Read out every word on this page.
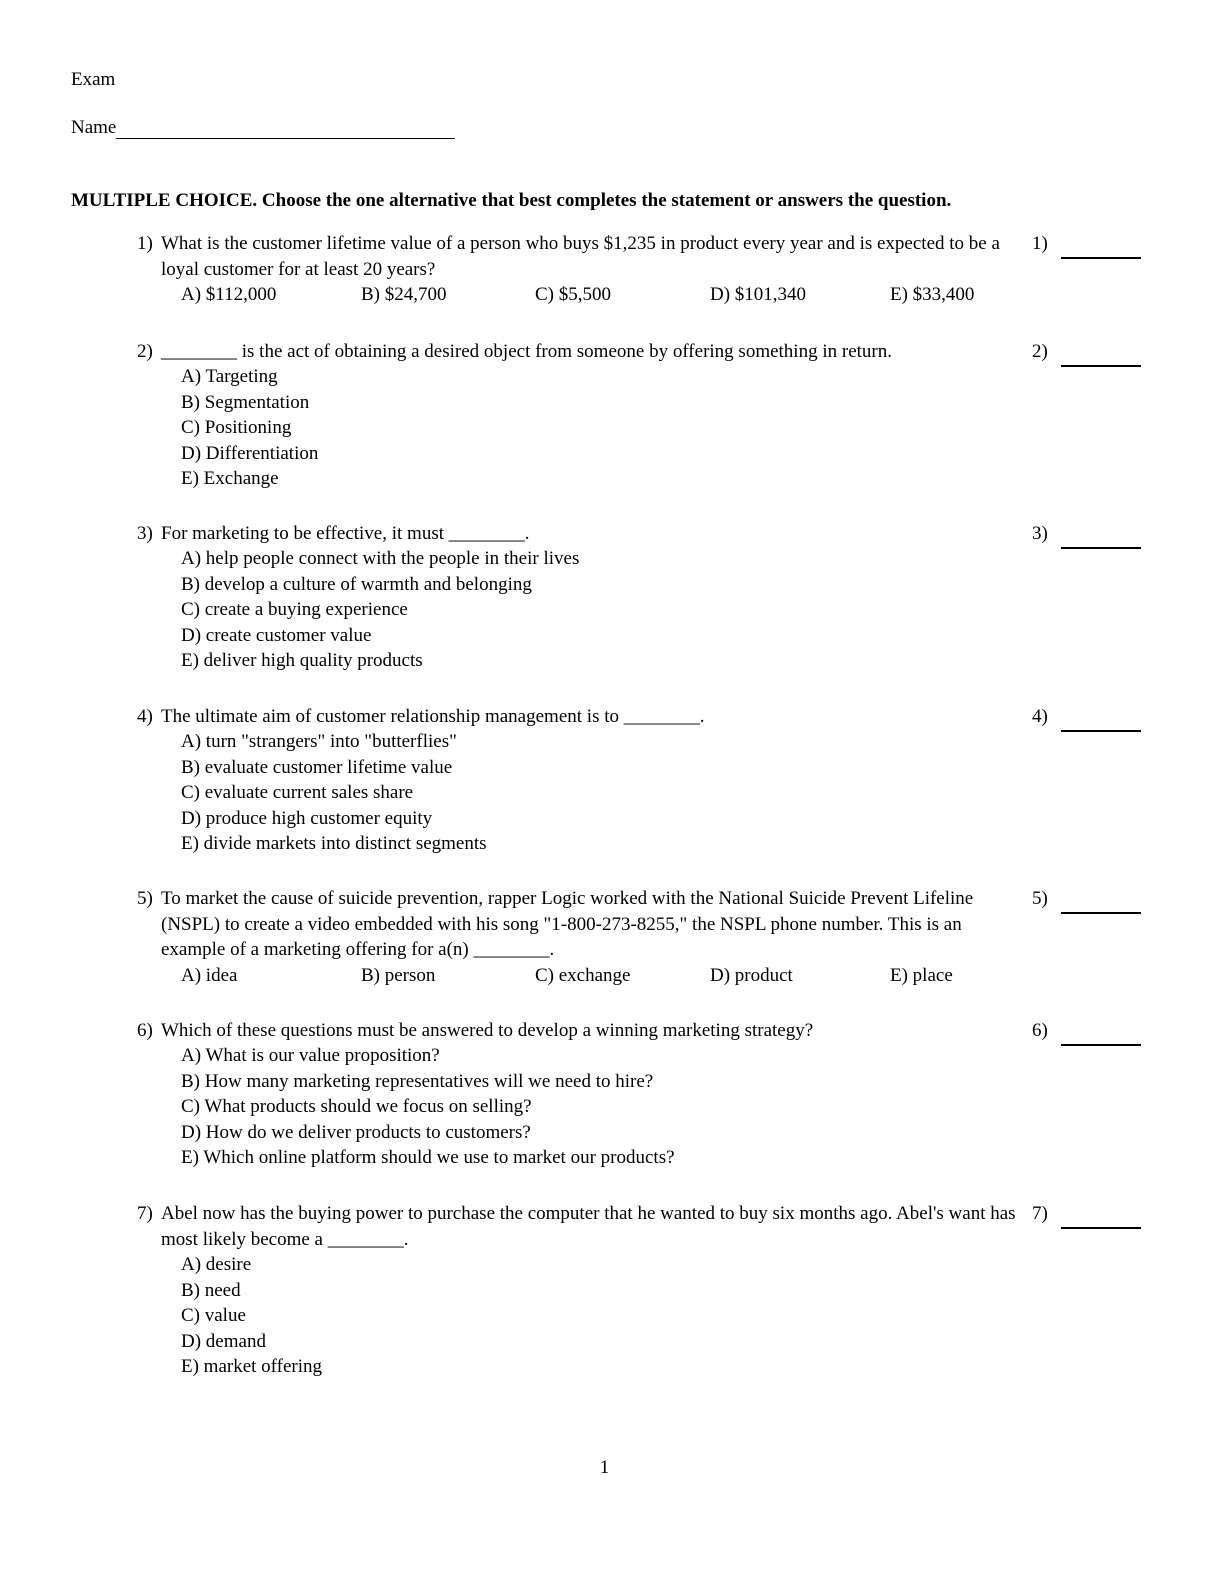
Exam
Name
MULTIPLE CHOICE. Choose the one alternative that best completes the statement or answers the question.
1) What is the customer lifetime value of a person who buys $1,235 in product every year and is expected to be a loyal customer for at least 20 years?
A) $112,000	B) $24,700	C) $5,500	D) $101,340	E) $33,400
1)
2) ________ is the act of obtaining a desired object from someone by offering something in return.
A) Targeting
B) Segmentation
C) Positioning
D) Differentiation
E) Exchange
2)
3) For marketing to be effective, it must ________.
A) help people connect with the people in their lives
B) develop a culture of warmth and belonging
C) create a buying experience
D) create customer value
E) deliver high quality products
3)
4) The ultimate aim of customer relationship management is to ________.
A) turn "strangers" into "butterflies"
B) evaluate customer lifetime value
C) evaluate current sales share
D) produce high customer equity
E) divide markets into distinct segments
4)
5) To market the cause of suicide prevention, rapper Logic worked with the National Suicide Prevent Lifeline (NSPL) to create a video embedded with his song "1-800-273-8255," the NSPL phone number. This is an example of a marketing offering for a(n) ________.
A) idea	B) person	C) exchange	D) product	E) place
5)
6) Which of these questions must be answered to develop a winning marketing strategy?
A) What is our value proposition?
B) How many marketing representatives will we need to hire?
C) What products should we focus on selling?
D) How do we deliver products to customers?
E) Which online platform should we use to market our products?
6)
7) Abel now has the buying power to purchase the computer that he wanted to buy six months ago. Abel's want has most likely become a ________.
A) desire
B) need
C) value
D) demand
E) market offering
7)
1
